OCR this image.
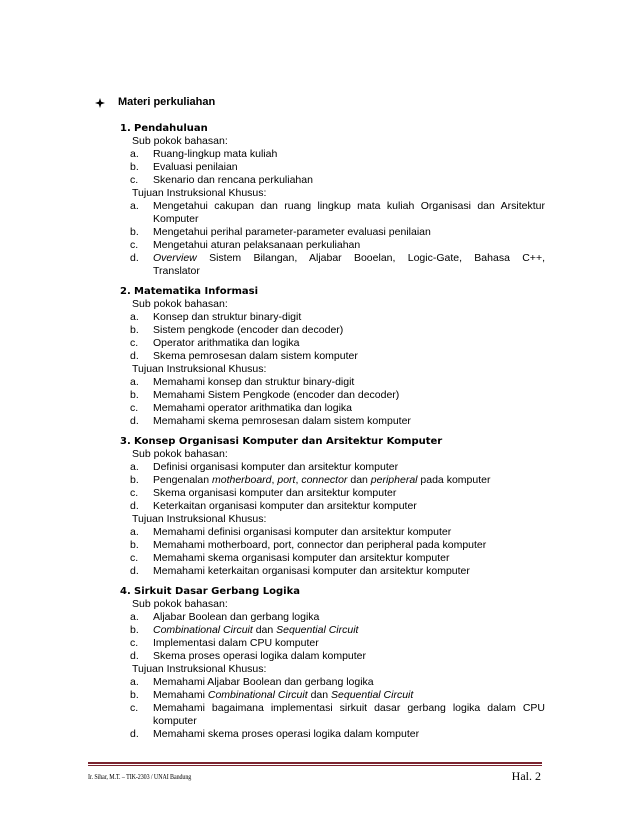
Materi perkuliahan
1. Pendahuluan
Sub pokok bahasan:
a. Ruang-lingkup mata kuliah
b. Evaluasi penilaian
c. Skenario dan rencana perkuliahan
Tujuan Instruksional Khusus:
a. Mengetahui cakupan dan ruang lingkup mata kuliah Organisasi dan Arsitektur
Komputer
b. Mengetahui perihal parameter-parameter evaluasi penilaian
c. Mengetahui aturan pelaksanaan perkuliahan
d. Overview Sistem Bilangan, Aljabar Booelan, Logic-Gate, Bahasa C++,
Translator
2. Matematika Informasi
Sub pokok bahasan:
a. Konsep dan struktur binary-digit
b. Sistem pengkode (encoder dan decoder)
c. Operator arithmatika dan logika
d. Skema pemrosesan dalam sistem komputer
Tujuan Instruksional Khusus:
a. Memahami konsep dan struktur binary-digit
b. Memahami Sistem Pengkode (encoder dan decoder)
c. Memahami operator arithmatika dan logika
d. Memahami skema pemrosesan dalam sistem komputer
3. Konsep Organisasi Komputer dan Arsitektur Komputer
Sub pokok bahasan:
a. Definisi organisasi komputer dan arsitektur komputer
b. Pengenalan motherboard, port, connector dan peripheral pada komputer
c. Skema organisasi komputer dan arsitektur komputer
d. Keterkaitan organisasi komputer dan arsitektur komputer
Tujuan Instruksional Khusus:
a. Memahami definisi organisasi komputer dan arsitektur komputer
b. Memahami motherboard, port, connector dan peripheral pada komputer
c. Memahami skema organisasi komputer dan arsitektur komputer
d. Memahami keterkaitan organisasi komputer dan arsitektur komputer
4. Sirkuit Dasar Gerbang Logika
Sub pokok bahasan:
a. Aljabar Boolean dan gerbang logika
b. Combinational Circuit dan Sequential Circuit
c. Implementasi dalam CPU komputer
d. Skema proses operasi logika dalam komputer
Tujuan Instruksional Khusus:
a. Memahami Aljabar Boolean dan gerbang logika
b. Memahami Combinational Circuit dan Sequential Circuit
c. Memahami bagaimana implementasi sirkuit dasar gerbang logika dalam CPU
komputer
d. Memahami skema proses operasi logika dalam komputer
Ir. Sihar, M.T. – TIK-2303 / UNAI Bandung	Hal. 2
